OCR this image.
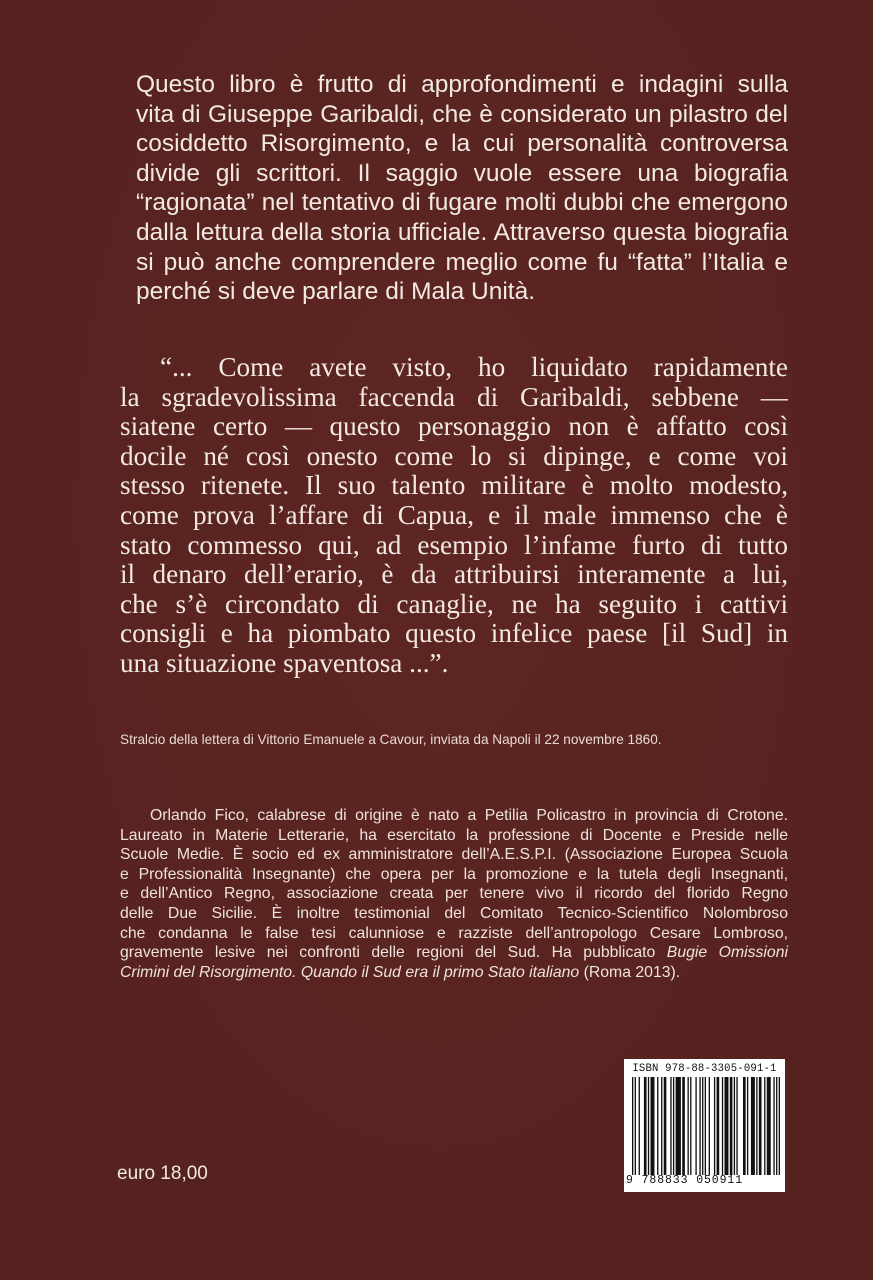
Questo libro è frutto di approfondimenti e indagini sulla
vita di Giuseppe Garibaldi, che è considerato un pilastro del
cosiddetto Risorgimento, e la cui personalità controversa
divide gli scrittori. Il saggio vuole essere una biografia
“ragionata” nel tentativo di fugare molti dubbi che emergono
dalla lettura della storia ufficiale. Attraverso questa biografia
si può anche comprendere meglio come fu “fatta” l’Italia e
perché si deve parlare di Mala Unità.
“... Come avete visto, ho liquidato rapidamente
la sgradevolissima faccenda di Garibaldi, sebbene —
siatene certo — questo personaggio non è affatto così
docile né così onesto come lo si dipinge, e come voi
stesso ritenete. Il suo talento militare è molto modesto,
come prova l’affare di Capua, e il male immenso che è
stato commesso qui, ad esempio l’infame furto di tutto
il denaro dell’erario, è da attribuirsi interamente a lui,
che s’è circondato di canaglie, ne ha seguito i cattivi
consigli e ha piombato questo infelice paese [il Sud] in
una situazione spaventosa ...”.

Stralcio della lettera di Vittorio Emanuele a Cavour, inviata da Napoli il 22 novembre 1860.

Orlando Fico, calabrese di origine è nato a Petilia Policastro in provincia di Crotone.
Laureato in Materie Letterarie, ha esercitato la professione di Docente e Preside nelle
Scuole Medie. È socio ed ex amministratore dell’A.E.S.P.I. (Associazione Europea Scuola
e Professionalità Insegnante) che opera per la promozione e la tutela degli Insegnanti,
e dell’Antico Regno, associazione creata per tenere vivo il ricordo del florido Regno
delle Due Sicilie. È inoltre testimonial del Comitato Tecnico-Scientifico Nolombroso
che condanna le false tesi calunniose e razziste dell’antropologo Cesare Lombroso,
gravemente lesive nei confronti delle regioni del Sud. Ha pubblicato Bugie Omissioni
Crimini del Risorgimento. Quando il Sud era il primo Stato italiano (Roma 2013).
euro 18,00
ISBN 978-88-3305-091-1
9 788833 050911
